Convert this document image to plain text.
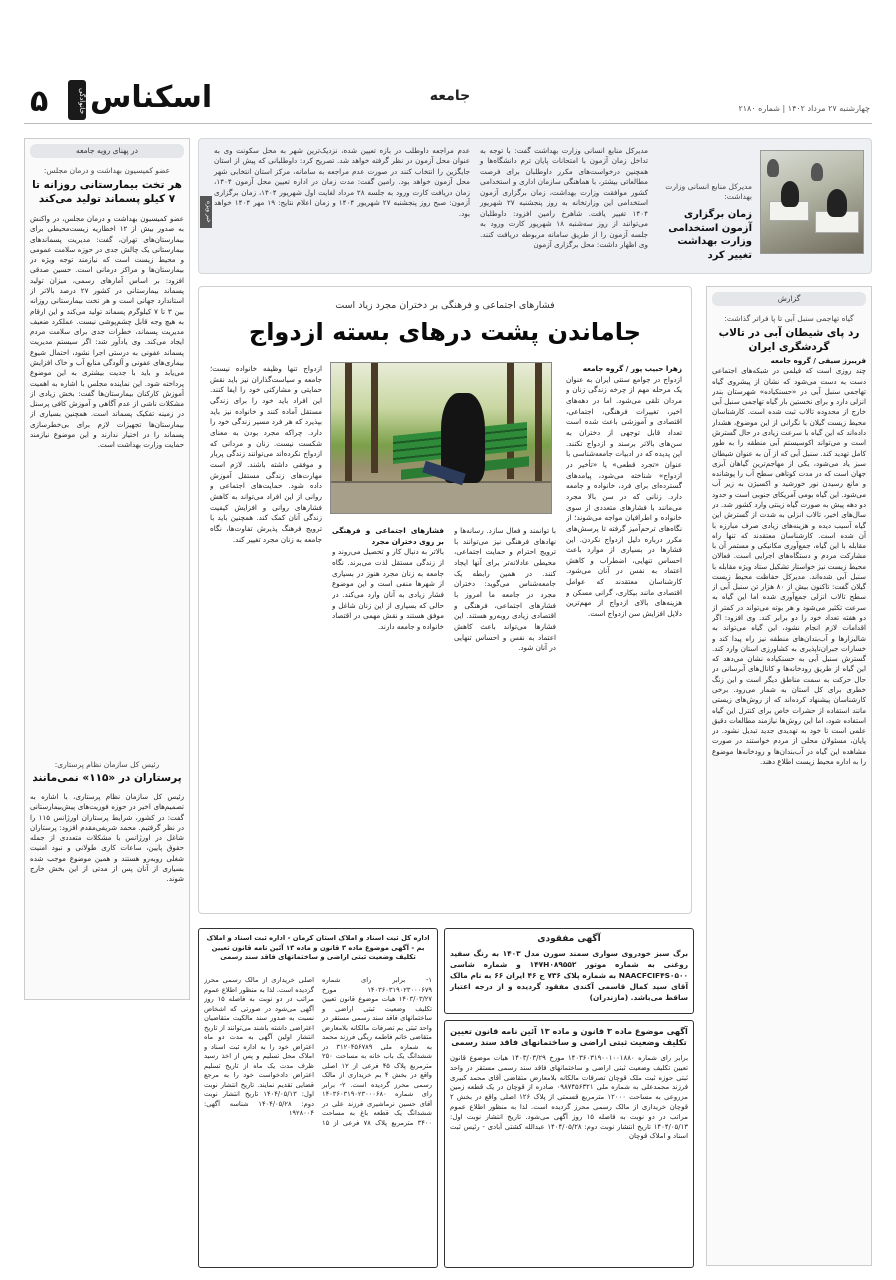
۵	خانوادگی اسکناس	جامعه
چهارشنبه ۲۷ مرداد ۱۴۰۲ | شماره ۲۱۸۰
مدیرکل منابع انسانی وزارت بهداشت:
زمان برگزاری آزمون استخدامی وزارت بهداشت تغییر کرد
مدیرکل منابع انسانی وزارت بهداشت گفت: با توجه به تداخل زمان آزمون با امتحانات پایان ترم دانشگاه‌ها و همچنین درخواست‌های مکرر داوطلبان برای فرصت مطالعاتی بیشتر، با هماهنگی سازمان اداری و استخدامی کشور موافقت وزارت بهداشت، زمان برگزاری آزمون استخدامی این وزارتخانه به روز پنجشنبه ۲۷ شهریور ۱۴۰۴ تغییر یافت. شاهرخ رامین افزود: داوطلبان می‌توانند از روز سه‌شنبه ۱۸ شهریور کارت ورود به جلسه آزمون را از طریق سامانه مربوطه دریافت کنند. وی اظهار داشت: محل برگزاری آزمون
عدم مراجعه داوطلب در بازه تعیین شده، نزدیک‌ترین شهر به محل سکونت وی به عنوان محل آزمون در نظر گرفته خواهد شد. تصریح کرد: داوطلبانی که پیش از استان جایگزین را انتخاب کنند در صورت عدم مراجعه به سامانه، مرکز استان انتخابی شهر محل آزمون خواهد بود. رامین گفت: مدت زمان در اداره تعیین محل آزمون ۱۴۰۴، زمان دریافت کارت ورود به جلسه ۲۸ مرداد لغایت اول شهریور ۱۴۰۴، زمان برگزاری آزمون: صبح روز پنجشنبه ۲۷ شهریور ۱۴۰۴ و زمان اعلام نتایج: ۱۹ مهر ۱۴۰۴ خواهد بود.
خبر ویژه
در پهنای رویه جامعه
عضو کمیسیون بهداشت و درمان مجلس:
هر تخت بیمارستانی روزانه تا ۷ کیلو پسماند تولید می‌کند
عضو کمیسیون بهداشت و درمان مجلس، در واکنش به صدور بیش از ۱۲ اخطاریه زیست‌محیطی برای بیمارستان‌های تهران، گفت: مدیریت پسماندهای بیمارستانی یک چالش جدی در حوزه سلامت عمومی و محیط زیست است که نیازمند توجه ویژه در بیمارستان‌ها و مراکز درمانی است. حسین صدقی افزود: بر اساس آمارهای رسمی، میزان تولید پسماند بیمارستانی در کشور ۲۷ درصد بالاتر از استاندارد جهانی است و هر تخت بیمارستانی روزانه بین ۳ تا ۷ کیلوگرم پسماند تولید می‌کند و این ارقام به هیچ وجه قابل چشم‌پوشی نیست. عملکرد ضعیف مدیریت پسماند، خطرات جدی برای سلامت مردم ایجاد می‌کند. وی یادآور شد: اگر سیستم مدیریت پسماند عفونی به درستی اجرا نشود، احتمال شیوع بیماری‌های عفونی و آلودگی منابع آب و خاک افزایش می‌یابد و باید با جدیت بیشتری به این موضوع پرداخته شود. این نماینده مجلس با اشاره به اهمیت آموزش کارکنان بیمارستان‌ها گفت: بخش زیادی از مشکلات ناشی از عدم آگاهی و آموزش کافی پرسنل در زمینه تفکیک پسماند است. همچنین بسیاری از بیمارستان‌ها تجهیزات لازم برای بی‌خطرسازی پسماند را در اختیار ندارند و این موضوع نیازمند حمایت وزارت بهداشت است.
رئیس کل سازمان نظام پرستاری:
پرستاران در «۱۱۵» نمی‌مانند
رئیس کل سازمان نظام پرستاری، با اشاره به تصمیم‌های اخیر در حوزه فوریت‌های پیش‌بیمارستانی گفت: در کشور، شرایط پرستاران اورژانس ۱۱۵ را در نظر گرفتیم. محمد شریفی‌مقدم افزود: پرستاران شاغل در اورژانس با مشکلات متعددی از جمله حقوق پایین، ساعات کاری طولانی و نبود امنیت شغلی روبه‌رو هستند و همین موضوع موجب شده بسیاری از آنان پس از مدتی از این بخش خارج شوند.
فشارهای اجتماعی و فرهنگی بر دختران مجرد زیاد است
جاماندن پشت درهای بسته ازدواج
زهرا حبیب پور / گروه جامعه
ازدواج در جوامع سنتی ایران به عنوان یک مرحله مهم از چرخه زندگی زنان و مردان تلقی می‌شود. اما در دهه‌های اخیر، تغییرات فرهنگی، اجتماعی، اقتصادی و آموزشی باعث شده است تعداد قابل توجهی از دختران به سن‌های بالاتر برسند و ازدواج نکنند. این پدیده که در ادبیات جامعه‌شناسی با عنوان «تجرد قطعی» یا «تأخیر در ازدواج» شناخته می‌شود، پیامدهای گسترده‌ای برای فرد، خانواده و جامعه دارد. زنانی که در سن بالا مجرد می‌مانند با فشارهای متعددی از سوی خانواده و اطرافیان مواجه می‌شوند؛ از نگاه‌های ترحم‌آمیز گرفته تا پرسش‌های مکرر درباره دلیل ازدواج نکردن. این فشارها در بسیاری از موارد باعث احساس تنهایی، اضطراب و کاهش اعتماد به نفس در آنان می‌شود. کارشناسان معتقدند که عوامل اقتصادی مانند بیکاری، گرانی مسکن و هزینه‌های بالای ازدواج از مهم‌ترین دلایل افزایش سن ازدواج است.
ازدواج تنها وظیفه خانواده نیست؛ جامعه و سیاست‌گذاران نیز باید نقش حمایتی و مشارکتی خود را ایفا کنند. این افراد باید خود را برای زندگی مستقل آماده کنند و خانواده نیز باید بپذیرد که هر فرد مسیر زندگی خود را دارد. چراکه مجرد بودن به معنای شکست نیست. زنان و مردانی که ازدواج نکرده‌اند می‌توانند زندگی پربار و موفقی داشته باشند. لازم است مهارت‌های زندگی مستقل آموزش داده شود. حمایت‌های اجتماعی و روانی از این افراد می‌تواند به کاهش فشارهای روانی و افزایش کیفیت زندگی آنان کمک کند. همچنین باید با ترویج فرهنگ پذیرش تفاوت‌ها، نگاه جامعه به زنان مجرد تغییر کند.
با توانمند و فعال سازد. رسانه‌ها و نهادهای فرهنگی نیز می‌توانند با ترویج احترام و حمایت اجتماعی، محیطی عادلانه‌تر برای آنها ایجاد کنند. در همین رابطه یک جامعه‌شناس می‌گوید: دختران مجرد در جامعه ما امروز با فشارهای اجتماعی، فرهنگی و اقتصادی زیادی روبه‌رو هستند. این فشارها می‌تواند باعث کاهش اعتماد به نفس و احساس تنهایی در آنان شود.
فشارهای اجتماعی و فرهنگی بر روی دختران مجرد
بالاتر به دنبال کار و تحصیل می‌روند و از زندگی مستقل لذت می‌برند. نگاه جامعه به زنان مجرد هنوز در بسیاری از شهرها منفی است و این موضوع فشار زیادی به آنان وارد می‌کند. در حالی که بسیاری از این زنان شاغل و موفق هستند و نقش مهمی در اقتصاد خانواده و جامعه دارند.
گزارش
گیاه تهاجمی سنبل آبی تا پا فراتر گذاشت:
رد پای شیطان آبی در تالاب گردشگری ایران
فریبرز سیفی / گروه جامعه
چند روزی است که فیلمی در شبکه‌های اجتماعی دست به دست می‌شود که نشان از پیشروی گیاه تهاجمی سنبل آبی در «حسنکیاده» شهرستان بندر انزلی دارد و برای نخستین بار گیاه تهاجمی سنبل آبی خارج از محدوده تالاب ثبت شده است. کارشناسان محیط زیست گیلان با نگرانی از این موضوع، هشدار داده‌اند که این گیاه با سرعت زیادی در حال گسترش است و می‌تواند اکوسیستم آبی منطقه را به طور کامل تهدید کند. سنبل آبی که از آن به عنوان شیطان سبز یاد می‌شود، یکی از مهاجم‌ترین گیاهان آبزی جهان است که در مدت کوتاهی سطح آب را پوشانده و مانع رسیدن نور خورشید و اکسیژن به زیر آب می‌شود. این گیاه بومی آمریکای جنوبی است و حدود دو دهه پیش به صورت گیاه زینتی وارد کشور شد. در سال‌های اخیر، تالاب انزلی به شدت از گسترش این گیاه آسیب دیده و هزینه‌های زیادی صرف مبارزه با آن شده است. کارشناسان معتقدند که تنها راه مقابله با این گیاه، جمع‌آوری مکانیکی و مستمر آن با مشارکت مردم و دستگاه‌های اجرایی است. فعالان محیط زیست نیز خواستار تشکیل ستاد ویژه مقابله با سنبل آبی شده‌اند. مدیرکل حفاظت محیط زیست گیلان گفت: تاکنون بیش از ۸۰ هزار تن سنبل آبی از سطح تالاب انزلی جمع‌آوری شده اما این گیاه به سرعت تکثیر می‌شود و هر بوته می‌تواند در کمتر از دو هفته تعداد خود را دو برابر کند. وی افزود: اگر اقدامات لازم انجام نشود، این گیاه می‌تواند به شالیزارها و آب‌بندان‌های منطقه نیز راه پیدا کند و خسارات جبران‌ناپذیری به کشاورزی استان وارد کند. گسترش سنبل آبی به حسنکیاده نشان می‌دهد که این گیاه از طریق رودخانه‌ها و کانال‌های آبرسانی در حال حرکت به سمت مناطق دیگر است و این زنگ خطری برای کل استان به شمار می‌رود. برخی کارشناسان پیشنهاد کرده‌اند که از روش‌های زیستی مانند استفاده از حشرات خاص برای کنترل این گیاه استفاده شود، اما این روش‌ها نیازمند مطالعات دقیق علمی است تا خود به تهدیدی جدید تبدیل نشود. در پایان، مسئولان محلی از مردم خواستند در صورت مشاهده این گیاه در آب‌بندان‌ها و رودخانه‌ها موضوع را به اداره محیط زیست اطلاع دهند.
آگهی مفقودی
برگ سبز خودروی سواری سمند سورن مدل ۱۴۰۳ به رنگ سفید روغنی به شماره موتور ۱۴۷H۰۸۹۵۵۲ و شماره شاسی NAACFCIF۴S۰۵۰۰ به شماره پلاک ۷۳۶ ج ۴۶ ایران ۶۶ به نام مالک آقای سید کمال قاسمی آکندی مفقود گردیده و از درجه اعتبار ساقط می‌باشد. (مازندران)
آگهی موضوع ماده ۳ قانون و ماده ۱۳ آئین نامه قانون تعیین تکلیف وضعیت ثبتی اراضی و ساختمانهای فاقد سند رسمی
برابر رای شماره ۱۴۰۳۶۰۳۱۹۰۰۱۰۰۱۸۸۰ مورخ ۱۴۰۳/۰۳/۲۹ هیات موضوع قانون تعیین تکلیف وضعیت ثبتی اراضی و ساختمانهای فاقد سند رسمی مستقر در واحد ثبتی حوزه ثبت ملک قوچان تصرفات مالکانه بلامعارض متقاضی آقای محمد کبیری فرزند محمدعلی به شماره ملی ۰۹۸۷۴۵۶۳۲۱ صادره از قوچان در یک قطعه زمین مزروعی به مساحت ۱۲۰۰۰ مترمربع قسمتی از پلاک ۱۲۶ اصلی واقع در بخش ۲ قوچان خریداری از مالک رسمی محرز گردیده است. لذا به منظور اطلاع عموم مراتب در دو نوبت به فاصله ۱۵ روز آگهی می‌شود. تاریخ انتشار نوبت اول: ۱۴۰۴/۰۵/۱۳ تاریخ انتشار نوبت دوم: ۱۴۰۴/۰۵/۲۸ عبدالله کشتی آبادی - رئیس ثبت اسناد و املاک قوچان
اداره کل ثبت اسناد و املاک استان کرمان - اداره ثبت اسناد و املاک بم - آگهی موضوع ماده ۳ قانون و ماده ۱۳ آئین نامه قانون تعیین تکلیف وضعیت ثبتی اراضی و ساختمانهای فاقد سند رسمی
۱- برابر رای شماره ۱۴۰۳۶۰۳۱۹۰۲۳۰۰۰۶۷۹ مورخ ۱۴۰۳/۰۳/۲۷ هیات موضوع قانون تعیین تکلیف وضعیت ثبتی اراضی و ساختمانهای فاقد سند رسمی مستقر در واحد ثبتی بم تصرفات مالکانه بلامعارض متقاضی خانم فاطمه ریگی فرزند محمد به شماره ملی ۳۱۲۰۴۵۶۷۸۹ در ششدانگ یک باب خانه به مساحت ۲۵۰ مترمربع پلاک ۴۵ فرعی از ۱۲ اصلی واقع در بخش ۴ بم خریداری از مالک رسمی محرز گردیده است. ۲- برابر رای شماره ۱۴۰۳۶۰۳۱۹۰۲۳۰۰۰۶۸۰ آقای حسین نرماشیری فرزند علی در ششدانگ یک قطعه باغ به مساحت ۳۴۰۰ مترمربع پلاک ۷۸ فرعی از ۱۵ اصلی خریداری از مالک رسمی محرز گردیده است. لذا به منظور اطلاع عموم مراتب در دو نوبت به فاصله ۱۵ روز آگهی می‌شود در صورتی که اشخاص نسبت به صدور سند مالکیت متقاضیان اعتراضی داشته باشند می‌توانند از تاریخ انتشار اولین آگهی به مدت دو ماه اعتراض خود را به اداره ثبت اسناد و املاک محل تسلیم و پس از اخذ رسید ظرف مدت یک ماه از تاریخ تسلیم اعتراض دادخواست خود را به مرجع قضایی تقدیم نمایند. تاریخ انتشار نوبت اول: ۱۴۰۴/۰۵/۱۳ تاریخ انتشار نوبت دوم: ۱۴۰۴/۰۵/۲۸ شناسه آگهی: ۱۹۲۸۰۰۴
